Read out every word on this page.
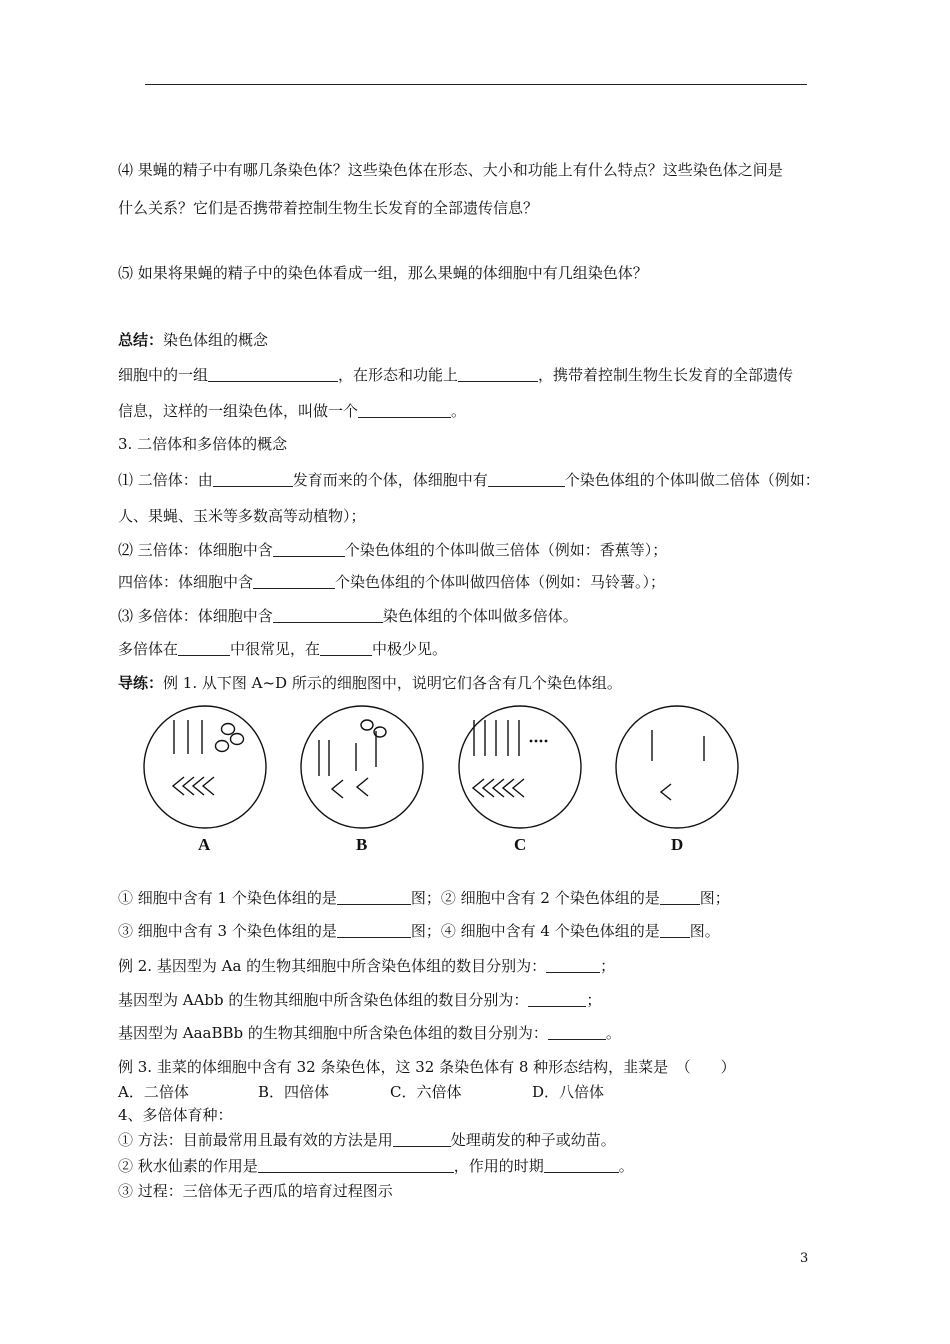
⑷ 果蝇的精子中有哪几条染色体？这些染色体在形态、大小和功能上有什么特点？这些染色体之间是
什么关系？它们是否携带着控制生物生长发育的全部遗传信息？
⑸ 如果将果蝇的精子中的染色体看成一组，那么果蝇的体细胞中有几组染色体？
总结：染色体组的概念
细胞中的一组	，在形态和功能上	，携带着控制生物生长发育的全部遗传
信息，这样的一组染色体，叫做一个	。
3. 二倍体和多倍体的概念
⑴ 二倍体：由	发育而来的个体，体细胞中有	个染色体组的个体叫做二倍体（例如：
人、果蝇、玉米等多数高等动植物）；
⑵ 三倍体：体细胞中含	个染色体组的个体叫做三倍体（例如：香蕉等）；
四倍体：体细胞中含	个染色体组的个体叫做四倍体（例如：马铃薯。）；
⑶ 多倍体：体细胞中含	染色体组的个体叫做多倍体。
多倍体在	中很常见，在	中极少见。
导练：例 1. 从下图 A~D 所示的细胞图中，说明它们各含有几个染色体组。
A	B	C	D
① 细胞中含有 1 个染色体组的是	图；② 细胞中含有 2 个染色体组的是	图；
③ 细胞中含有 3 个染色体组的是	图；④ 细胞中含有 4 个染色体组的是 图。
例 2. 基因型为 Aa 的生物其细胞中所含染色体组的数目分别为：	；
基因型为 AAbb 的生物其细胞中所含染色体组的数目分别为：	；
基因型为 AaaBBb 的生物其细胞中所含染色体组的数目分别为：	。
例 3. 韭菜的体细胞中含有 32 条染色体，这 32 条染色体有 8 种形态结构，韭菜是　（　　）
A．二倍体	B．四倍体	C．六倍体	D．八倍体
4、多倍体育种：
① 方法：目前最常用且最有效的方法是用	处理萌发的种子或幼苗。
② 秋水仙素的作用是	，作用的时期	。
③ 过程：三倍体无子西瓜的培育过程图示
3
